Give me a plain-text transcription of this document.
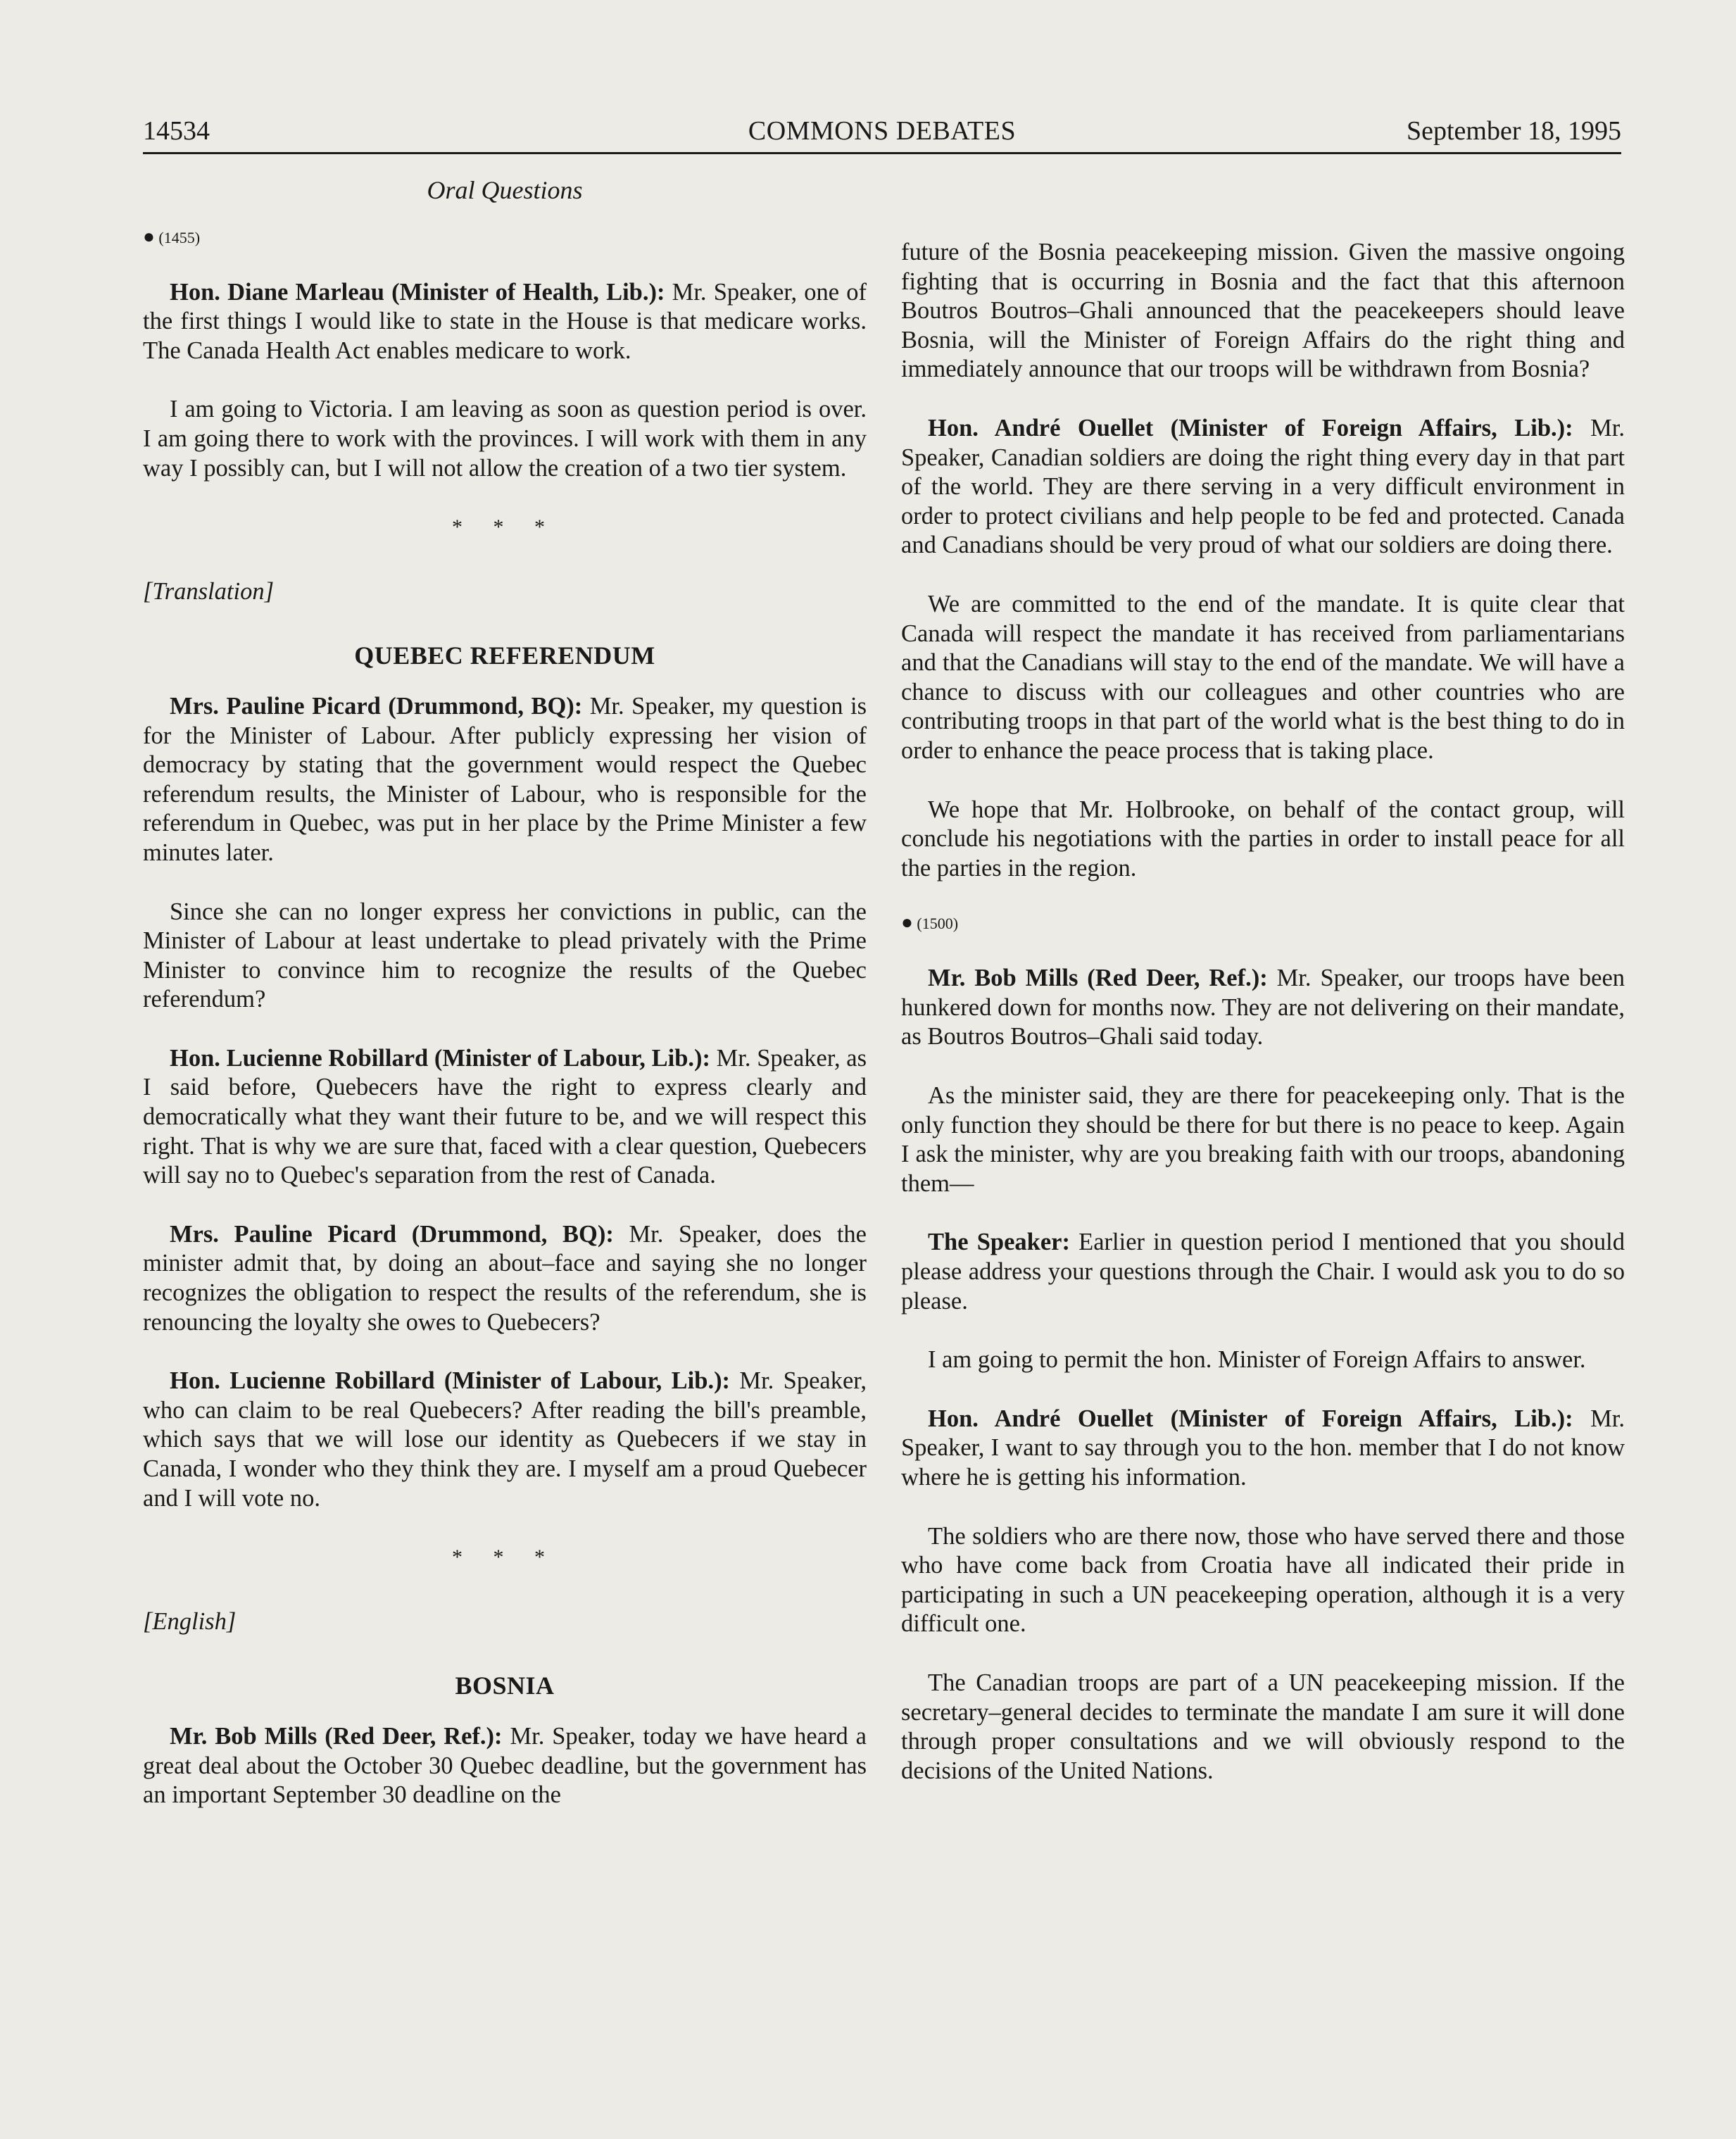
14534	COMMONS DEBATES	September 18, 1995
Oral Questions
● (1455)

Hon. Diane Marleau (Minister of Health, Lib.): Mr. Speaker, one of the first things I would like to state in the House is that medicare works. The Canada Health Act enables medicare to work.

I am going to Victoria. I am leaving as soon as question period is over. I am going there to work with the provinces. I will work with them in any way I possibly can, but I will not allow the creation of a two tier system.

* * *
[Translation]
QUEBEC REFERENDUM

Mrs. Pauline Picard (Drummond, BQ): Mr. Speaker, my question is for the Minister of Labour. After publicly expressing her vision of democracy by stating that the government would respect the Quebec referendum results, the Minister of Labour, who is responsible for the referendum in Quebec, was put in her place by the Prime Minister a few minutes later.

Since she can no longer express her convictions in public, can the Minister of Labour at least undertake to plead privately with the Prime Minister to convince him to recognize the results of the Quebec referendum?

Hon. Lucienne Robillard (Minister of Labour, Lib.): Mr. Speaker, as I said before, Quebecers have the right to express clearly and democratically what they want their future to be, and we will respect this right. That is why we are sure that, faced with a clear question, Quebecers will say no to Quebec's separation from the rest of Canada.

Mrs. Pauline Picard (Drummond, BQ): Mr. Speaker, does the minister admit that, by doing an about–face and saying she no longer recognizes the obligation to respect the results of the referendum, she is renouncing the loyalty she owes to Quebecers?

Hon. Lucienne Robillard (Minister of Labour, Lib.): Mr. Speaker, who can claim to be real Quebecers? After reading the bill's preamble, which says that we will lose our identity as Quebecers if we stay in Canada, I wonder who they think they are. I myself am a proud Quebecer and I will vote no.

* * *
[English]
BOSNIA

Mr. Bob Mills (Red Deer, Ref.): Mr. Speaker, today we have heard a great deal about the October 30 Quebec deadline, but the government has an important September 30 deadline on the

future of the Bosnia peacekeeping mission. Given the massive ongoing fighting that is occurring in Bosnia and the fact that this afternoon Boutros Boutros–Ghali announced that the peacekeepers should leave Bosnia, will the Minister of Foreign Affairs do the right thing and immediately announce that our troops will be withdrawn from Bosnia?

Hon. André Ouellet (Minister of Foreign Affairs, Lib.): Mr. Speaker, Canadian soldiers are doing the right thing every day in that part of the world. They are there serving in a very difficult environment in order to protect civilians and help people to be fed and protected. Canada and Canadians should be very proud of what our soldiers are doing there.

We are committed to the end of the mandate. It is quite clear that Canada will respect the mandate it has received from parliamentarians and that the Canadians will stay to the end of the mandate. We will have a chance to discuss with our colleagues and other countries who are contributing troops in that part of the world what is the best thing to do in order to enhance the peace process that is taking place.

We hope that Mr. Holbrooke, on behalf of the contact group, will conclude his negotiations with the parties in order to install peace for all the parties in the region.

● (1500)

Mr. Bob Mills (Red Deer, Ref.): Mr. Speaker, our troops have been hunkered down for months now. They are not delivering on their mandate, as Boutros Boutros–Ghali said today.

As the minister said, they are there for peacekeeping only. That is the only function they should be there for but there is no peace to keep. Again I ask the minister, why are you breaking faith with our troops, abandoning them—

The Speaker: Earlier in question period I mentioned that you should please address your questions through the Chair. I would ask you to do so please.

I am going to permit the hon. Minister of Foreign Affairs to answer.

Hon. André Ouellet (Minister of Foreign Affairs, Lib.): Mr. Speaker, I want to say through you to the hon. member that I do not know where he is getting his information.

The soldiers who are there now, those who have served there and those who have come back from Croatia have all indicated their pride in participating in such a UN peacekeeping operation, although it is a very difficult one.

The Canadian troops are part of a UN peacekeeping mission. If the secretary–general decides to terminate the mandate I am sure it will done through proper consultations and we will obviously respond to the decisions of the United Nations.
